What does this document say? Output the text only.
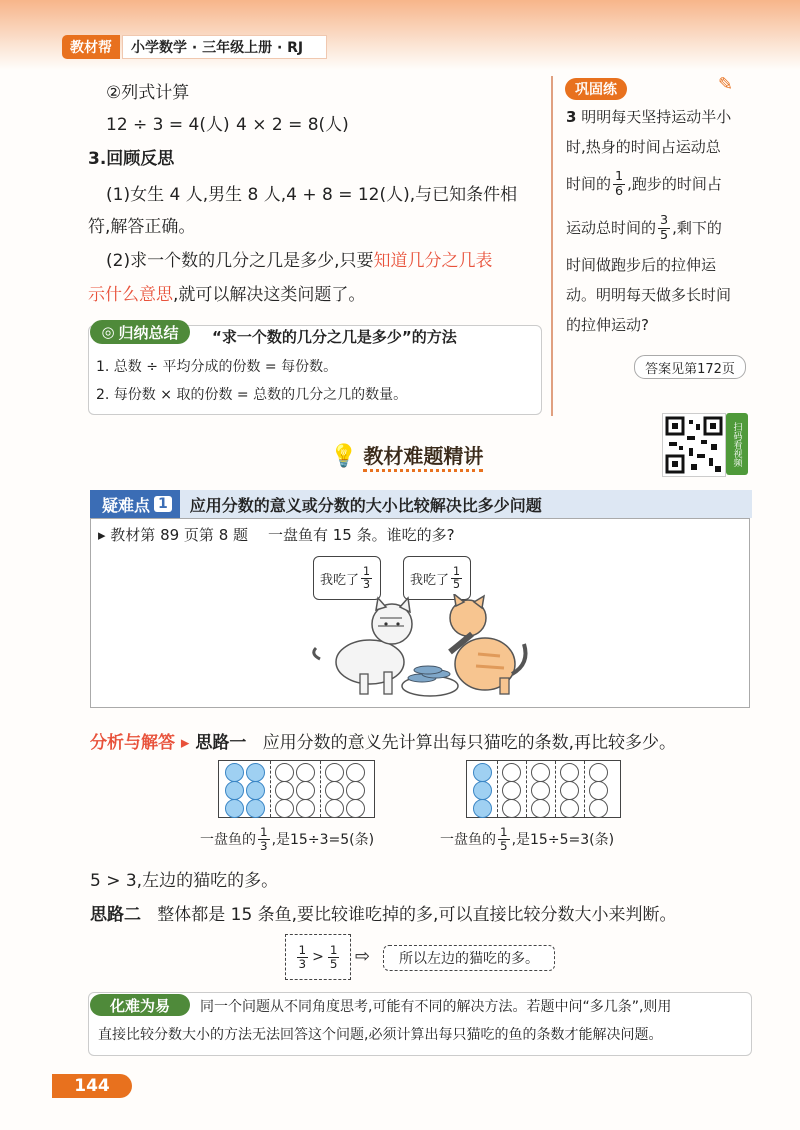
教材帮	小学数学 · 三年级上册 · RJ
②列式计算
12 ÷ 3 = 4(人) 4 × 2 = 8(人)
3.回顾反思
(1)女生 4 人,男生 8 人,4 + 8 = 12(人),与已知条件相
符,解答正确。
(2)求一个数的几分之几是多少,只要知道几分之几表
示什么意思,就可以解决这类问题了。
◎ 归纳总结 “求一个数的几分之几是多少”的方法
1. 总数 ÷ 平均分成的份数 = 每份数。
2. 每份数 × 取的份数 = 总数的几分之几的数量。
巩固练	✎
3 明明每天坚持运动半小
时,热身的时间占运动总
时间的 $\frac{1}{6}$ ,跑步的时间占
运动总时间的 $\frac{3}{5}$ ,剩下的
时间做跑步后的拉伸运
动。明明每天做多长时间
的拉伸运动?
答案见第172页
扫码看视频
💡 教材难题精讲
疑难点 1 应用分数的意义或分数的大小比较解决比多少问题
▸ 教材第 89 页第 8 题 一盘鱼有 15 条。谁吃的多?
我吃了 $\frac{1}{3}$	我吃了 $\frac{1}{5}$
分析与解答 ▸ 思路一 应用分数的意义先计算出每只猫吃的条数,再比较多少。
一盘鱼的 $\frac{1}{3}$ ,是15÷3=5(条)	一盘鱼的 $\frac{1}{5}$ ,是15÷5=3(条)
5 > 3,左边的猫吃的多。
思路二 整体都是 15 条鱼,要比较谁吃掉的多,可以直接比较分数大小来判断。
$\frac{1}{3} > \frac{1}{5}$ ⇨	所以左边的猫吃的多。
化难为易 同一个问题从不同角度思考,可能有不同的解决方法。若题中问“多几条”,则用
直接比较分数大小的方法无法回答这个问题,必须计算出每只猫吃的鱼的条数才能解决问题。
144
